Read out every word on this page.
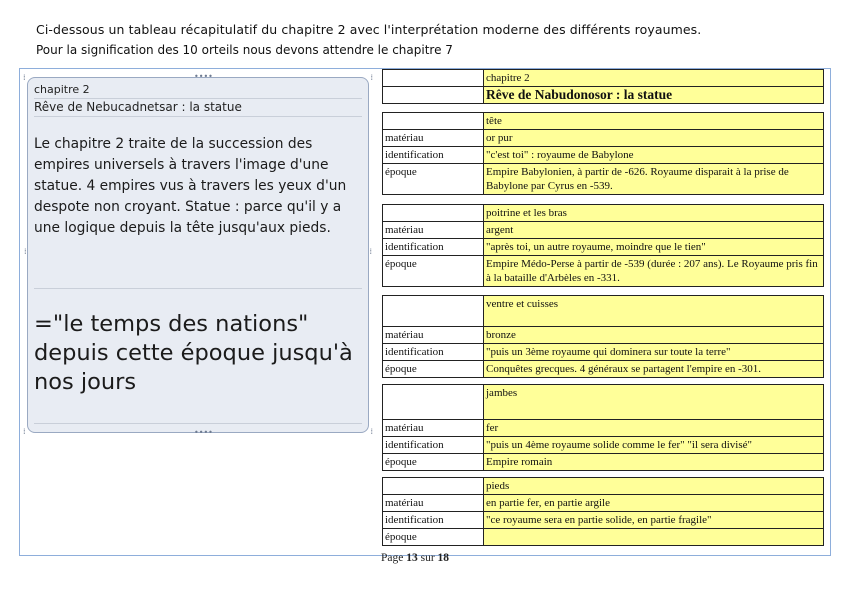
Ci-dessous un tableau récapitulatif du chapitre 2 avec l'interprétation moderne des différents royaumes.
Pour la signification des 10 orteils nous devons attendre le chapitre 7
••••
••••
⁞	⁞
⁞	⁞
⁞	⁞
chapitre 2
Rêve de Nebucadnetsar : la statue
Le chapitre 2 traite de la succession des empires universels à travers l'image d'une statue. 4 empires vus à travers les yeux d'un despote non croyant. Statue : parce qu'il y a une logique depuis la tête jusqu'aux pieds.
="le temps des nations" depuis cette époque jusqu'à nos jours
	chapitre 2
	Rêve de Nabudonosor : la statue
	tête
matériau	or pur
identification	"c'est toi" : royaume de Babylone
époque	Empire Babylonien, à partir de -626. Royaume disparait à la prise de Babylone par Cyrus en -539.
	poitrine et les bras
matériau	argent
identification	"après toi, un autre royaume, moindre que le tien"
époque	Empire Médo-Perse à partir de -539 (durée : 207 ans). Le Royaume pris fin à la bataille d'Arbèles en -331.
	ventre et cuisses
matériau	bronze
identification	"puis un 3ème royaume qui dominera sur toute la terre"
époque	Conquêtes grecques. 4 généraux se partagent l'empire en -301.
	jambes
matériau	fer
identification	"puis un 4ème royaume solide comme le fer" "il sera divisé"
époque	Empire romain
	pieds
matériau	en partie fer, en partie argile
identification	"ce royaume sera en partie solide, en partie fragile"
époque	
Page 13 sur 18
